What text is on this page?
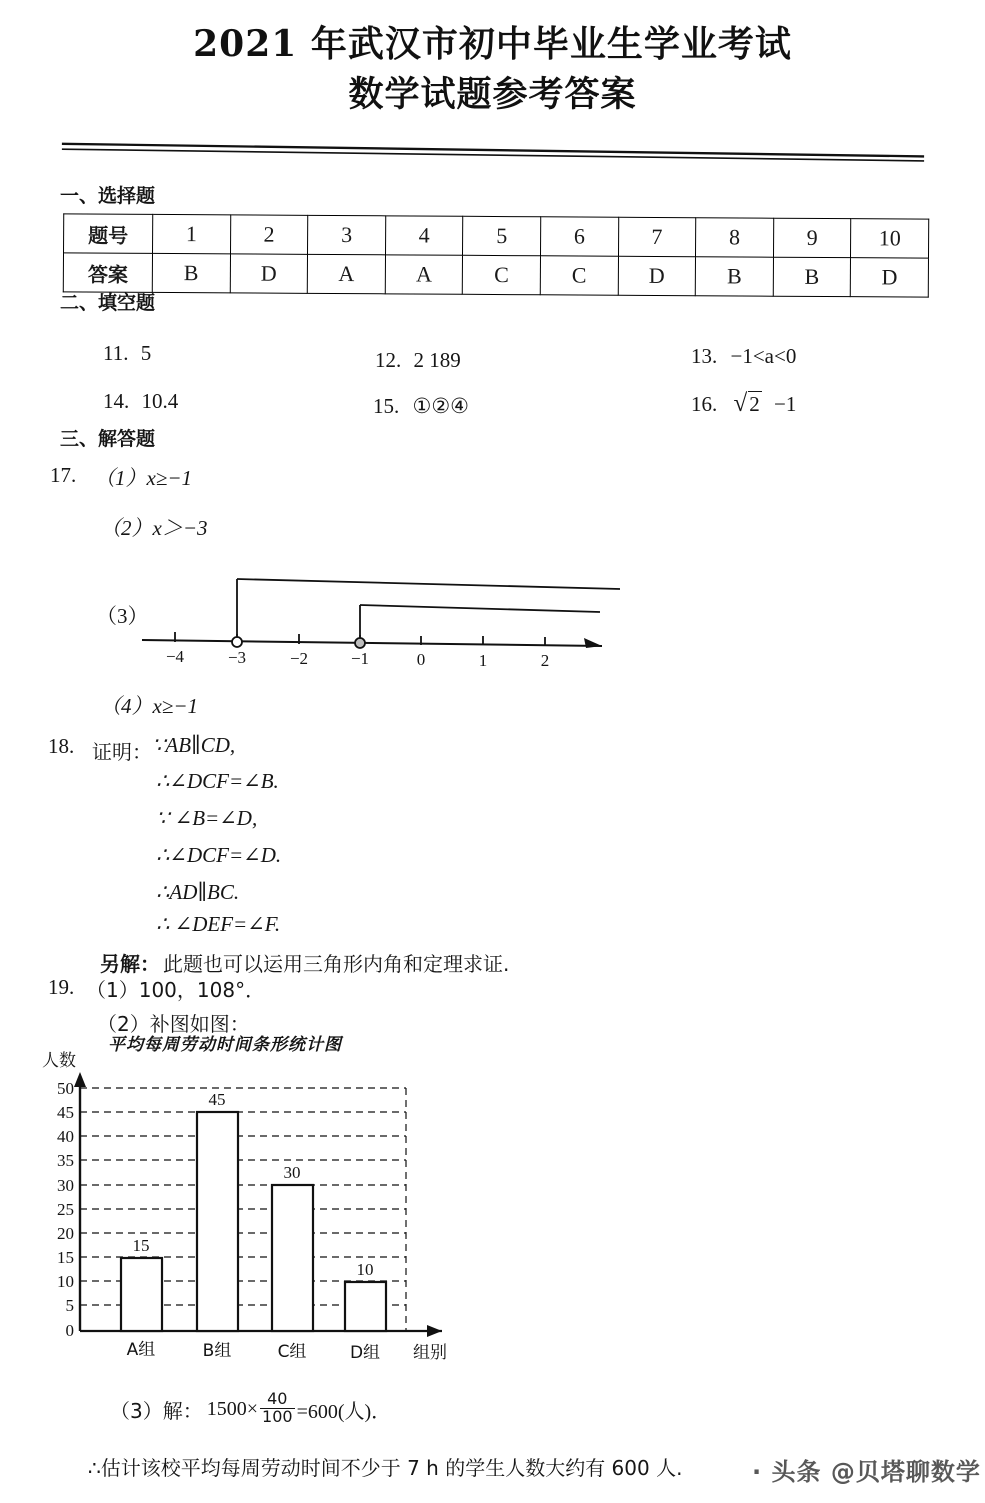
2021 年武汉市初中毕业生学业考试
数学试题参考答案
一、选择题
题号	1	2	3	4	5	6	7	8	9	10
答案	B	D	A	A	C	C	D	B	B	D
二、填空题
11. 5	12. 2 189	13. −1<a<0
14. 10.4	15. ①②④	16. √2 −1
三、解答题
17. （1）x≥−1
（2）x＞−3
（3）
−4	−3	−2	−1	0	1	2
（4）x≥−1
18. 证明： ∵AB∥CD,
∴∠DCF=∠B.
∵ ∠B=∠D,
∴∠DCF=∠D.
∴AD∥BC.
∴ ∠DEF=∠F.
另解： 此题也可以运用三角形内角和定理求证.
19. （1）100，108°．
（2）补图如图：
平均每周劳动时间条形统计图
人数
50
45
40
35
30
25
20
15
10
5
0
15
45
30
10
A组	B组	C组	D组 组别
（3）解： $1500\times \frac{40}{100} =600$(人)．
∴估计该校平均每周劳动时间不少于 7 h 的学生人数大约有 600 人.	· 头条 @贝塔聊数学
